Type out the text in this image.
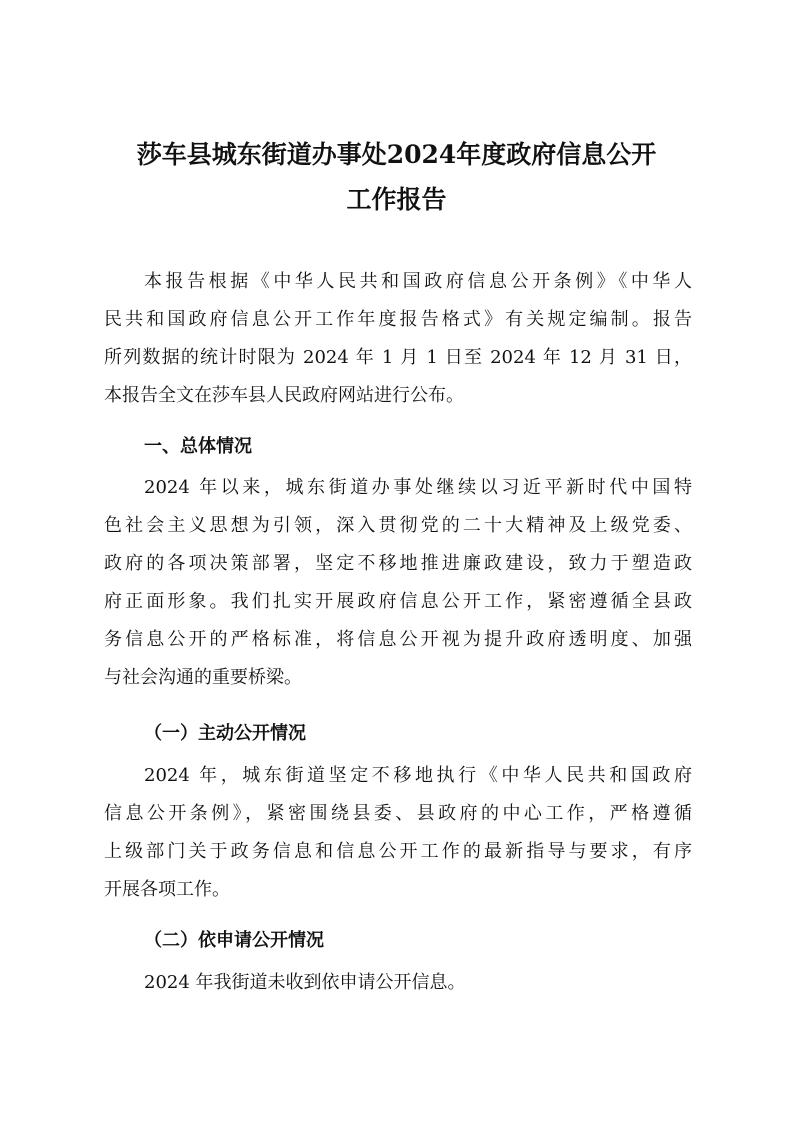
莎车县城东街道办事处2024年度政府信息公开
工作报告
本报告根据《中华人民共和国政府信息公开条例》《中华人
民共和国政府信息公开工作年度报告格式》有关规定编制。报告
所列数据的统计时限为 2024 年 1 月 1 日至 2024 年 12 月 31 日，
本报告全文在莎车县人民政府网站进行公布。
一、总体情况
2024 年以来，城东街道办事处继续以习近平新时代中国特
色社会主义思想为引领，深入贯彻党的二十大精神及上级党委、
政府的各项决策部署，坚定不移地推进廉政建设，致力于塑造政
府正面形象。我们扎实开展政府信息公开工作，紧密遵循全县政
务信息公开的严格标准，将信息公开视为提升政府透明度、加强
与社会沟通的重要桥梁。
（一）主动公开情况
2024 年，城东街道坚定不移地执行《中华人民共和国政府
信息公开条例》，紧密围绕县委、县政府的中心工作，严格遵循
上级部门关于政务信息和信息公开工作的最新指导与要求，有序
开展各项工作。
（二）依申请公开情况
2024 年我街道未收到依申请公开信息。
